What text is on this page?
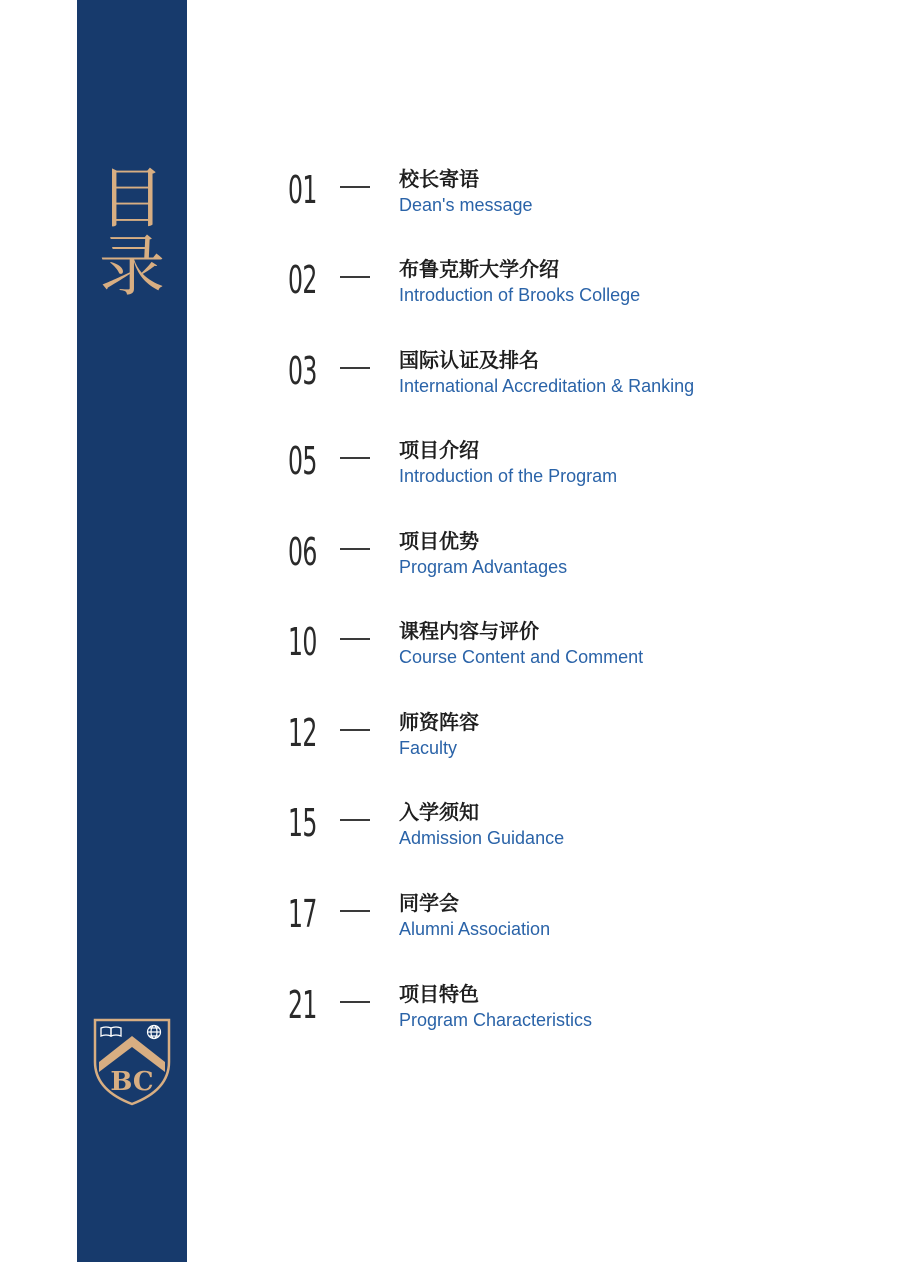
目
录
BC
01	校长寄语
Dean's message
02	布鲁克斯大学介绍
Introduction of Brooks College
03	国际认证及排名
International Accreditation & Ranking
05	项目介绍
Introduction of the Program
06	项目优势
Program Advantages
10	课程内容与评价
Course Content and Comment
12	师资阵容
Faculty
15	入学须知
Admission Guidance
17	同学会
Alumni Association
21	项目特色
Program Characteristics
